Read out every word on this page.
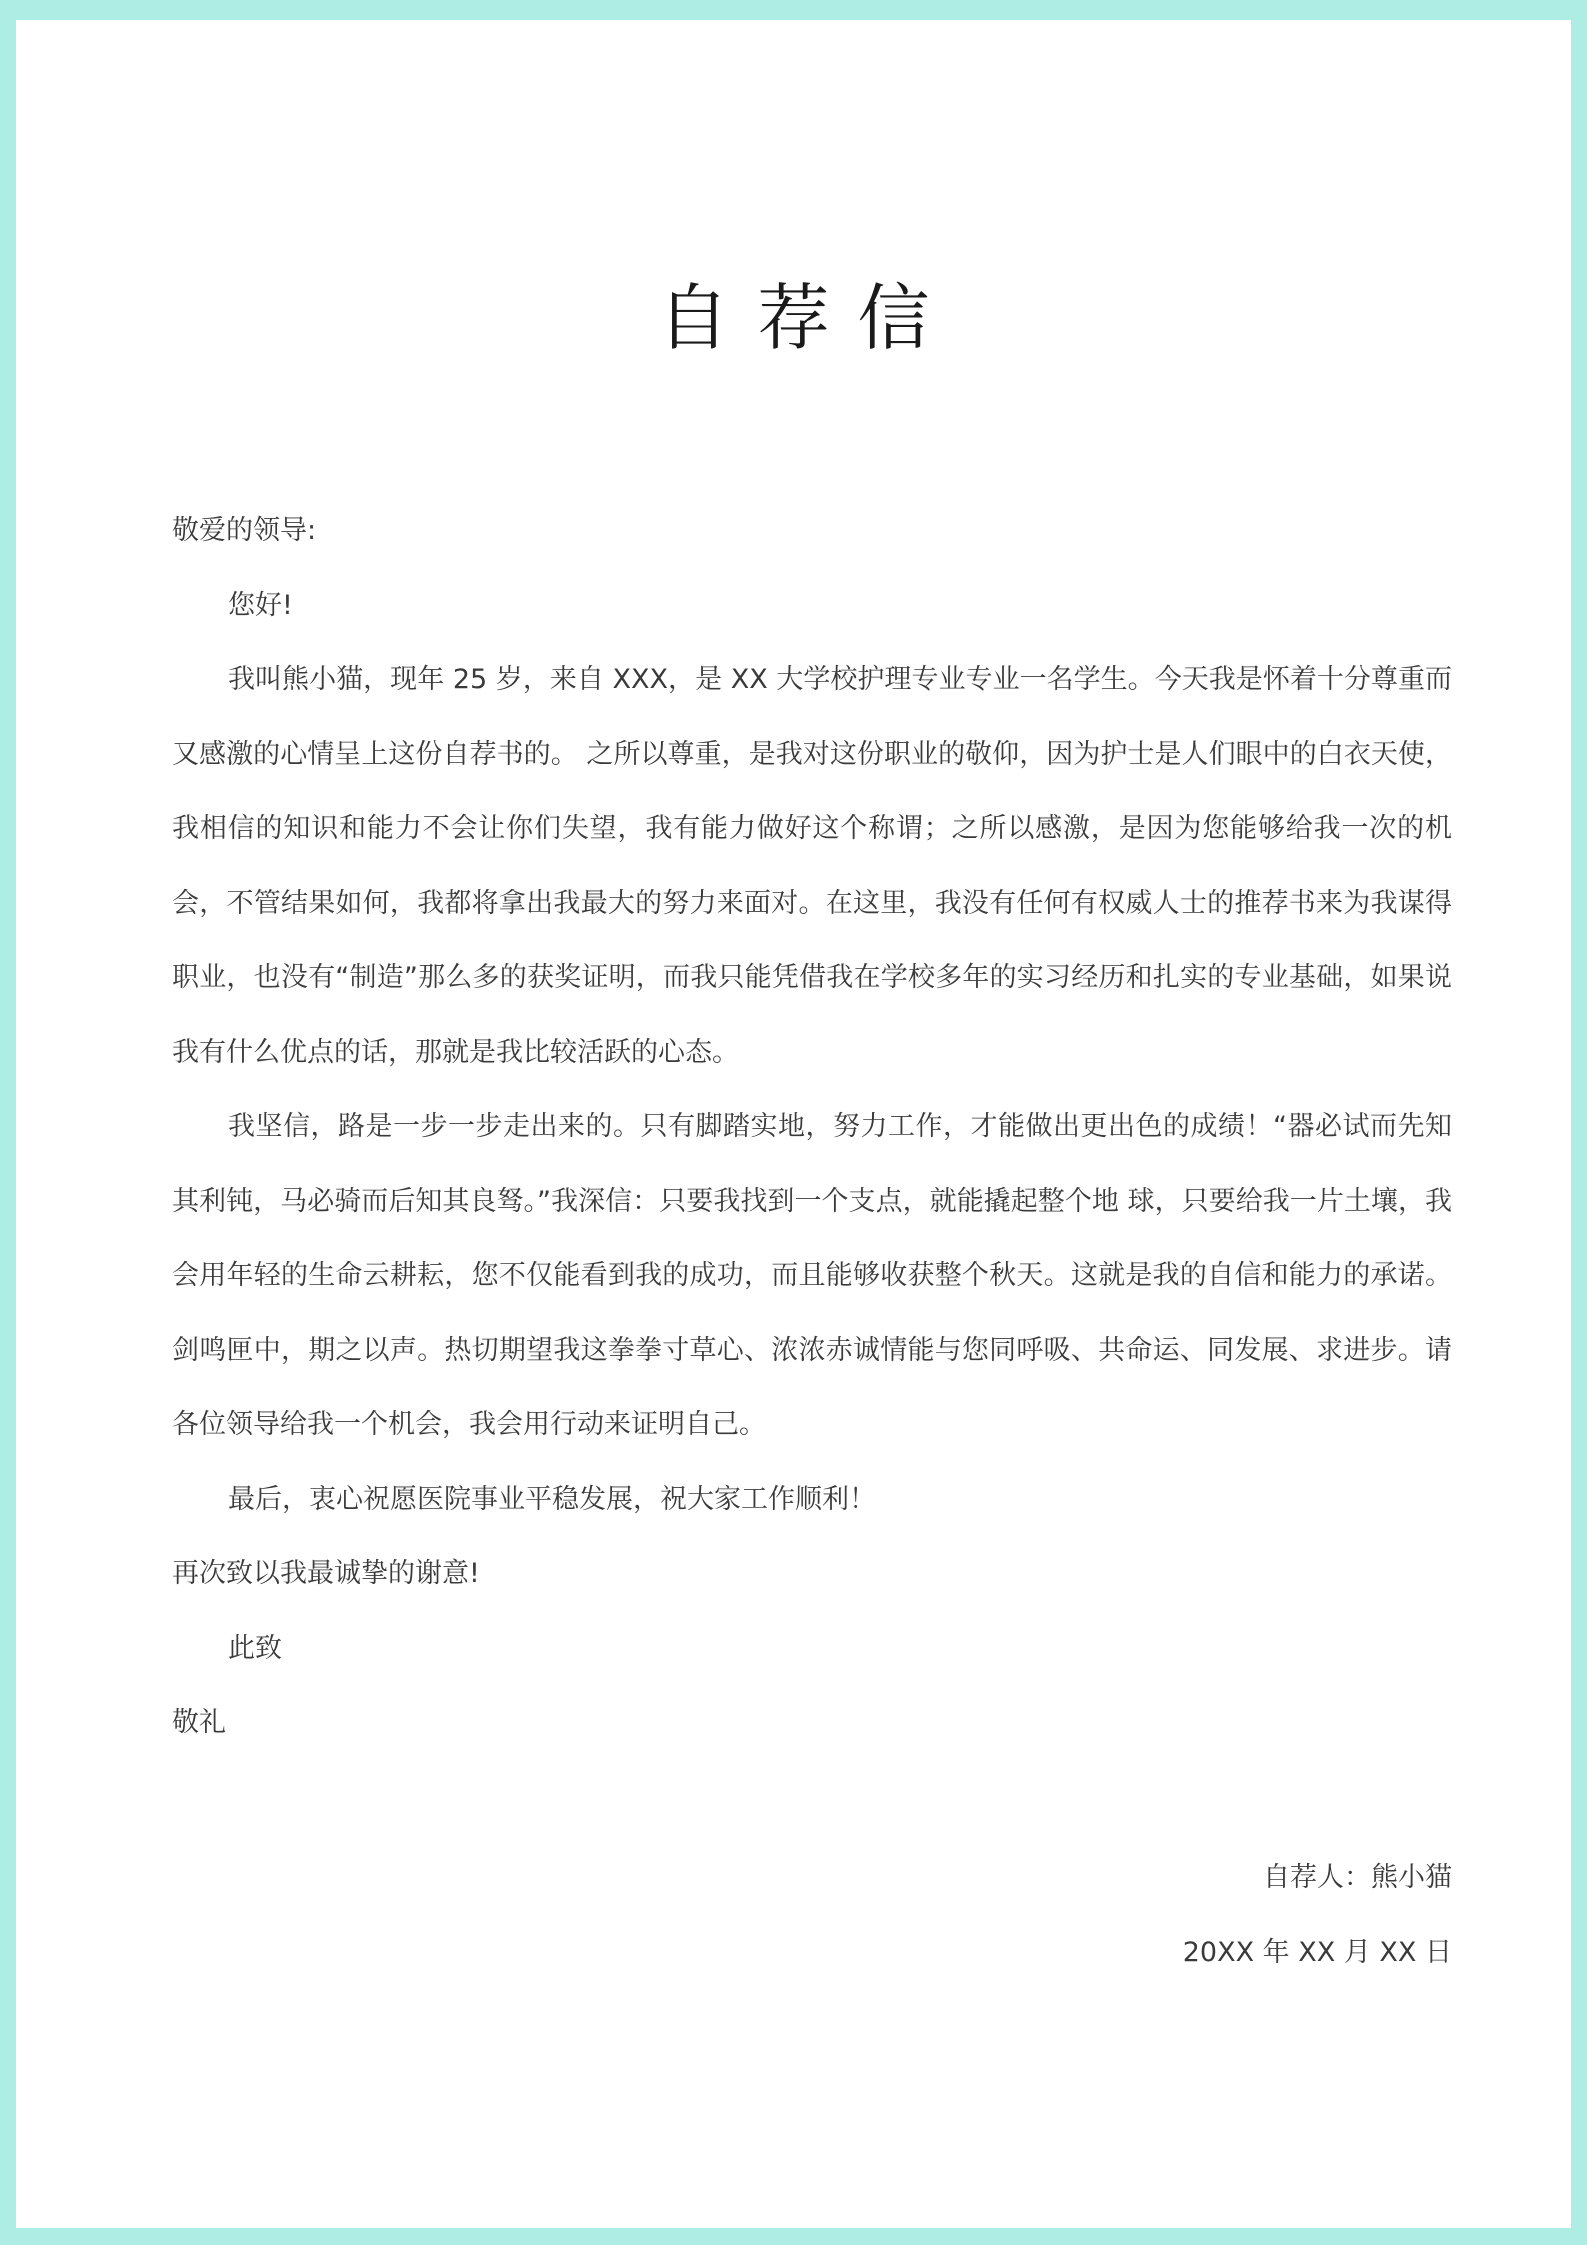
自荐信

敬爱的领导:

您好!

我叫熊小猫，现年 25 岁，来自 XXX，是 XX 大学校护理专业专业一名学生。今天我是怀着十分尊重而又感激的心情呈上这份自荐书的。 之所以尊重，是我对这份职业的敬仰，因为护士是人们眼中的白衣天使，我相信的知识和能力不会让你们失望，我有能力做好这个称谓；之所以感激，是因为您能够给我一次的机会，不管结果如何，我都将拿出我最大的努力来面对。在这里，我没有任何有权威人士的推荐书来为我谋得职业，也没有“制造”那么多的获奖证明，而我只能凭借我在学校多年的实习经历和扎实的专业基础，如果说我有什么优点的话，那就是我比较活跃的心态。

我坚信，路是一步一步走出来的。只有脚踏实地，努力工作，才能做出更出色的成绩！“器必试而先知其利钝，马必骑而后知其良驽。”我深信：只要我找到一个支点，就能撬起整个地 球，只要给我一片土壤，我会用年轻的生命云耕耘，您不仅能看到我的成功，而且能够收获整个秋天。这就是我的自信和能力的承诺。剑鸣匣中，期之以声。热切期望我这拳拳寸草心、浓浓赤诚情能与您同呼吸、共命运、同发展、求进步。请各位领导给我一个机会，我会用行动来证明自己。

最后，衷心祝愿医院事业平稳发展，祝大家工作顺利！

再次致以我最诚挚的谢意!

此致

敬礼

自荐人：熊小猫

20XX 年 XX 月 XX 日
